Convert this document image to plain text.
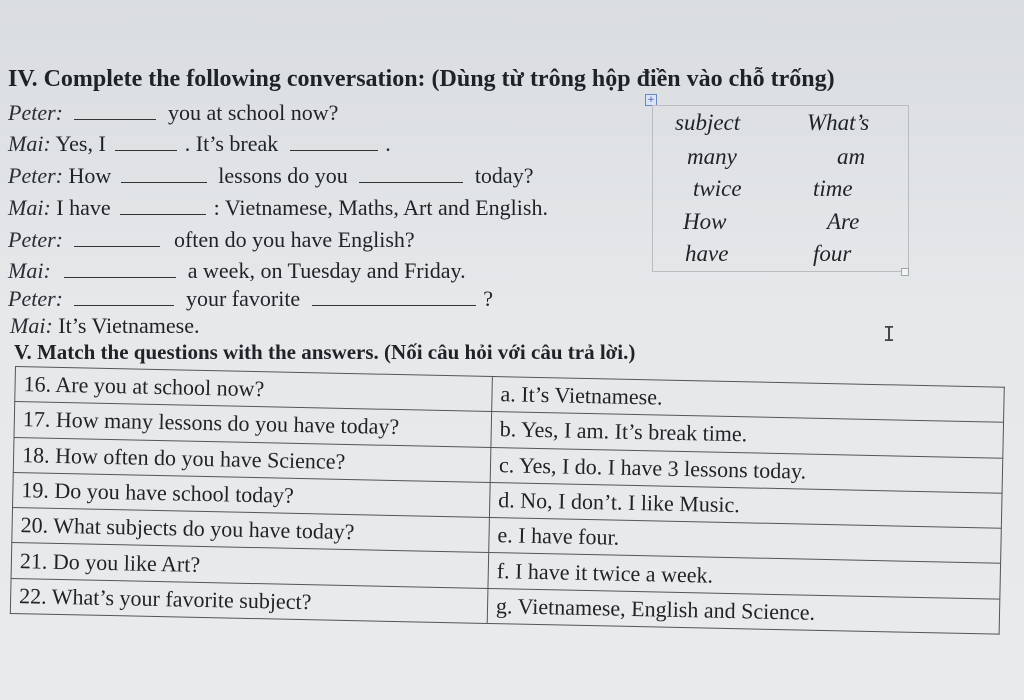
IV. Complete the following conversation: (Dùng từ trông hộp điền vào chỗ trống)
+
Peter:	you at school now?
Mai: Yes, I	. It’s break	.
Peter: How	lessons do you	today?
Mai: I have	: Vietnamese, Maths, Art and English.
Peter:	often do you have English?
Mai:	a week, on Tuesday and Friday.
Peter:	your favorite	?
Mai: It’s Vietnamese.
subject	What’s
many	am
twice	time
How	Are
have	four
I
V. Match the questions with the answers. (Nối câu hỏi với câu trả lời.)
16. Are you at school now?	a. It’s Vietnamese.
17. How many lessons do you have today?	b. Yes, I am. It’s break time.
18. How often do you have Science?	c. Yes, I do. I have 3 lessons today.
19. Do you have school today?	d. No, I don’t. I like Music.
20. What subjects do you have today?	e. I have four.
21. Do you like Art?	f. I have it twice a week.
22. What’s your favorite subject?	g. Vietnamese, English and Science.
